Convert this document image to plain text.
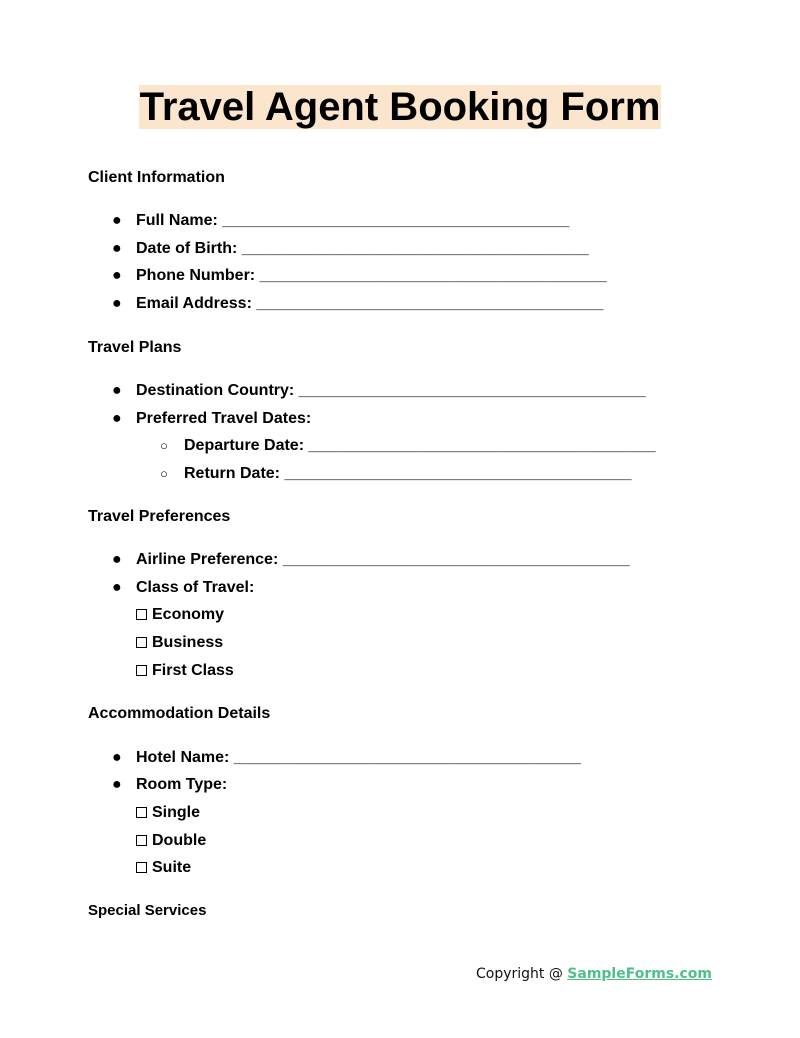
Travel Agent Booking Form
Client Information
● Full Name: _______________________________________
● Date of Birth: _______________________________________
● Phone Number: _______________________________________
● Email Address: _______________________________________
Travel Plans
● Destination Country: _______________________________________
● Preferred Travel Dates:
○ Departure Date: _______________________________________
○ Return Date: _______________________________________
Travel Preferences
● Airline Preference: _______________________________________
● Class of Travel:
Economy
Business
First Class
Accommodation Details
● Hotel Name: _______________________________________
● Room Type:
Single
Double
Suite
Special Services
Copyright @ SampleForms.com
